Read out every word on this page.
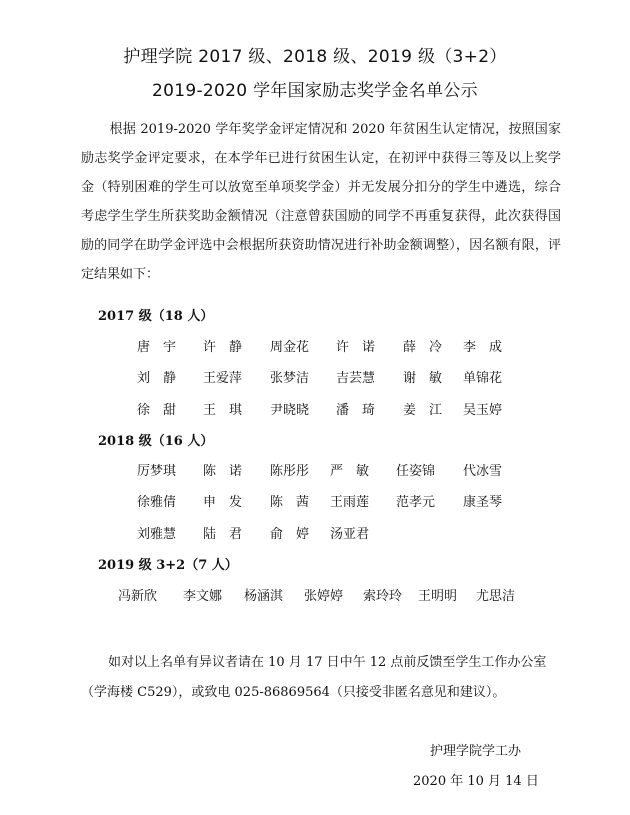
护理学院 2017 级、2018 级、2019 级（3+2）
2019-2020 学年国家励志奖学金名单公示
根据 2019-2020 学年奖学金评定情况和 2020 年贫困生认定情况，按照国家励志奖学金评定要求，在本学年已进行贫困生认定，在初评中获得三等及以上奖学金（特别困难的学生可以放宽至单项奖学金）并无发展分扣分的学生中遴选，综合考虑学生学生所获奖助金额情况（注意曾获国励的同学不再重复获得，此次获得国励的同学在助学金评选中会根据所获资助情况进行补助金额调整），因名额有限，评定结果如下：
2017 级（18 人）
唐　宇 许　静 周金花 许　诺 薛　冷 李　成
刘　静 王爱萍 张梦洁 吉芸慧 谢　敏 单锦花
徐　甜 王　琪 尹晓晓 潘　琦 姜　江 吴玉婷
2018 级（16 人）
厉梦琪 陈　诺 陈彤彤 严　敏 任姿锦 代冰雪
徐雅倩 申　发 陈　茜 王雨莲 范孝元 康圣琴
刘雅慧 陆　君 俞　婷 汤亚君
2019 级 3+2（7 人）
冯新欣 李文娜 杨涵淇 张婷婷 索玲玲 王明明 尤思洁
如对以上名单有异议者请在 10 月 17 日中午 12 点前反馈至学生工作办公室
（学海楼 C529），或致电 025-86869564（只接受非匿名意见和建议）。
护理学院学工办
2020 年 10 月 14 日
